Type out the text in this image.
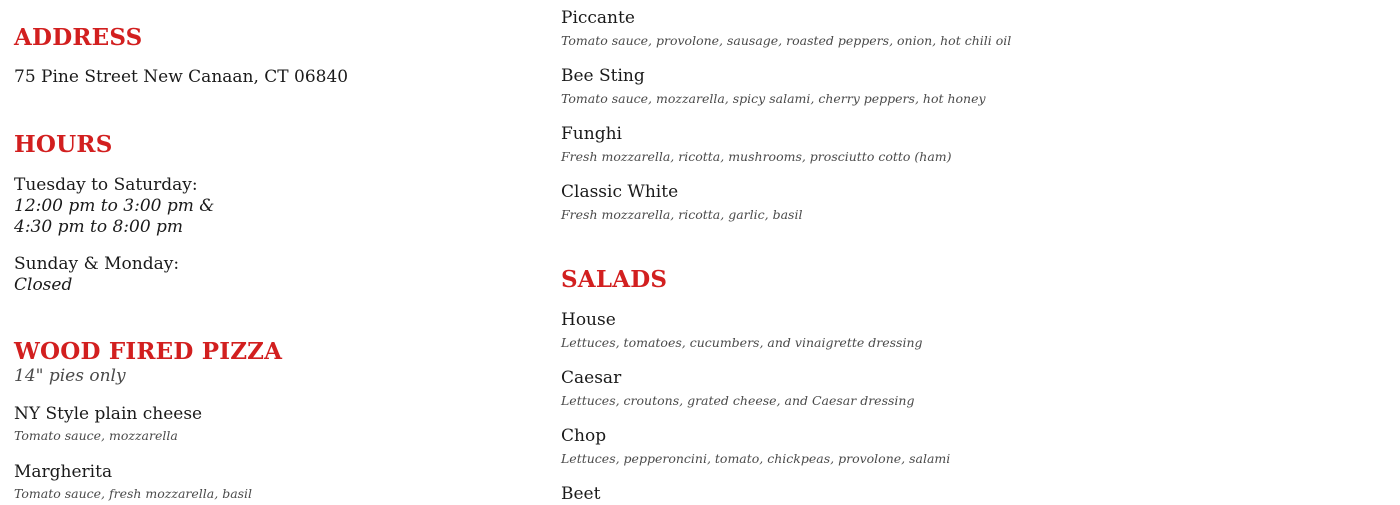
ADDRESS

75 Pine Street New Canaan, CT 06840

HOURS

Tuesday to Saturday:

12:00 pm to 3:00 pm &

4:30 pm to 8:00 pm

Sunday & Monday:

Closed

WOOD FIRED PIZZA

14" pies only

NY Style plain cheese

Tomato sauce, mozzarella

Margherita

Tomato sauce, fresh mozzarella, basil

Piccante

Tomato sauce, provolone, sausage, roasted peppers, onion, hot chili oil

Bee Sting

Tomato sauce, mozzarella, spicy salami, cherry peppers, hot honey

Funghi

Fresh mozzarella, ricotta, mushrooms, prosciutto cotto (ham)

Classic White

Fresh mozzarella, ricotta, garlic, basil

SALADS

House

Lettuces, tomatoes, cucumbers, and vinaigrette dressing

Caesar

Lettuces, croutons, grated cheese, and Caesar dressing

Chop

Lettuces, pepperoncini, tomato, chickpeas, provolone, salami

Beet
